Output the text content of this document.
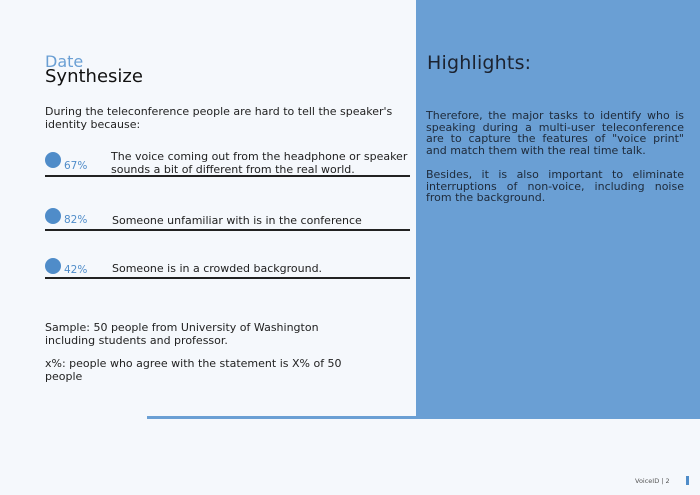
Highlights:
Therefore, the major tasks to identify who is speaking during a multi-user teleconference are to capture the features of "voice print" and match them with the real time talk.
Besides, it is also important to eliminate interruptions of non-voice, including noise from the background.
Date
Synthesize
During the teleconference people are hard to tell the speaker's identity because:
67%
The voice coming out from the headphone or speaker sounds a bit of different from the real world.
82% Someone unfamiliar with is in the conference
42% Someone is in a crowded background.
Sample: 50 people from University of Washington including students and professor.
x%: people who agree with the statement is X% of 50 people
VoiceID | 2
